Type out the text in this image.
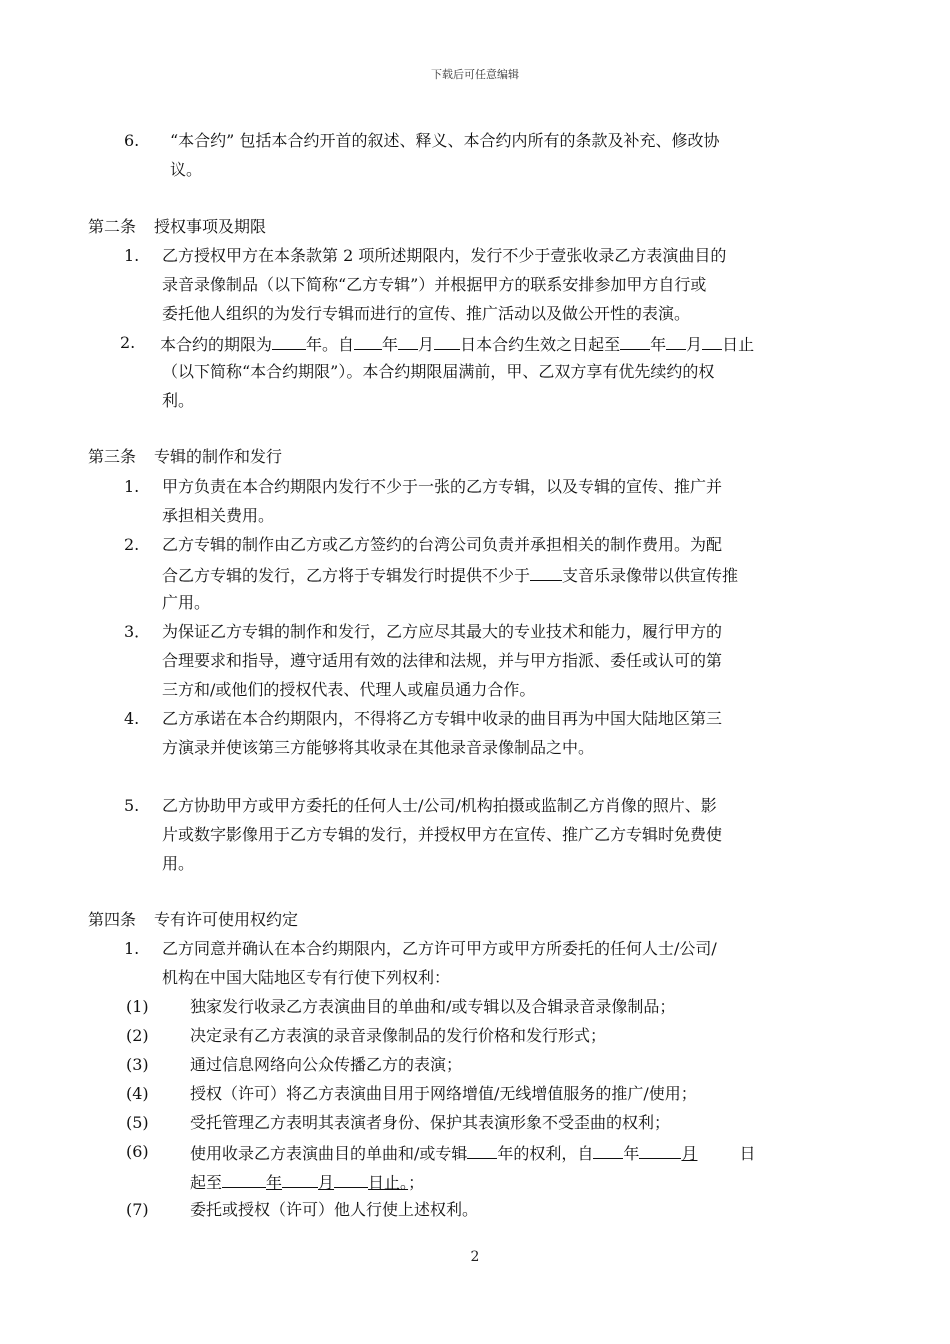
下载后可任意编辑
6. “本合约” 包括本合约开首的叙述、释义、本合约内所有的条款及补充、修改协
议。
第二条 授权事项及期限
1. 乙方授权甲方在本条款第 2 项所述期限内，发行不少于壹张收录乙方表演曲目的
录音录像制品（以下简称“乙方专辑”）并根据甲方的联系安排参加甲方自行或
委托他人组织的为发行专辑而进行的宣传、推广活动以及做公开性的表演。
2. 本合约的期限为 年。自 年 月 日本合约生效之日起至 年 月 日止
（以下简称“本合约期限”）。本合约期限届满前，甲、乙双方享有优先续约的权
利。
第三条 专辑的制作和发行
1. 甲方负责在本合约期限内发行不少于一张的乙方专辑，以及专辑的宣传、推广并
承担相关费用。
2. 乙方专辑的制作由乙方或乙方签约的台湾公司负责并承担相关的制作费用。为配
合乙方专辑的发行，乙方将于专辑发行时提供不少于 支音乐录像带以供宣传推
广用。
3． 为保证乙方专辑的制作和发行，乙方应尽其最大的专业技术和能力，履行甲方的
合理要求和指导，遵守适用有效的法律和法规，并与甲方指派、委任或认可的第
三方和/或他们的授权代表、代理人或雇员通力合作。
4. 乙方承诺在本合约期限内，不得将乙方专辑中收录的曲目再为中国大陆地区第三
方演录并使该第三方能够将其收录在其他录音录像制品之中。
5. 乙方协助甲方或甲方委托的任何人士/公司/机构拍摄或监制乙方肖像的照片、影
片或数字影像用于乙方专辑的发行，并授权甲方在宣传、推广乙方专辑时免费使
用。
第四条 专有许可使用权约定
1. 乙方同意并确认在本合约期限内，乙方许可甲方或甲方所委托的任何人士/公司/
机构在中国大陆地区专有行使下列权利：
(1)	独家发行收录乙方表演曲目的单曲和/或专辑以及合辑录音录像制品；
(2)	决定录有乙方表演的录音录像制品的发行价格和发行形式；
(3)	通过信息网络向公众传播乙方的表演；
(4)	授权（许可）将乙方表演曲目用于网络增值/无线增值服务的推广/使用；
(5)	受托管理乙方表明其表演者身份、保护其表演形象不受歪曲的权利；
(6)	使用收录乙方表演曲目的单曲和/或专辑 年的权利，自 年	月	日
起至	年 月 日止。；
(7)	委托或授权（许可）他人行使上述权利。
2
